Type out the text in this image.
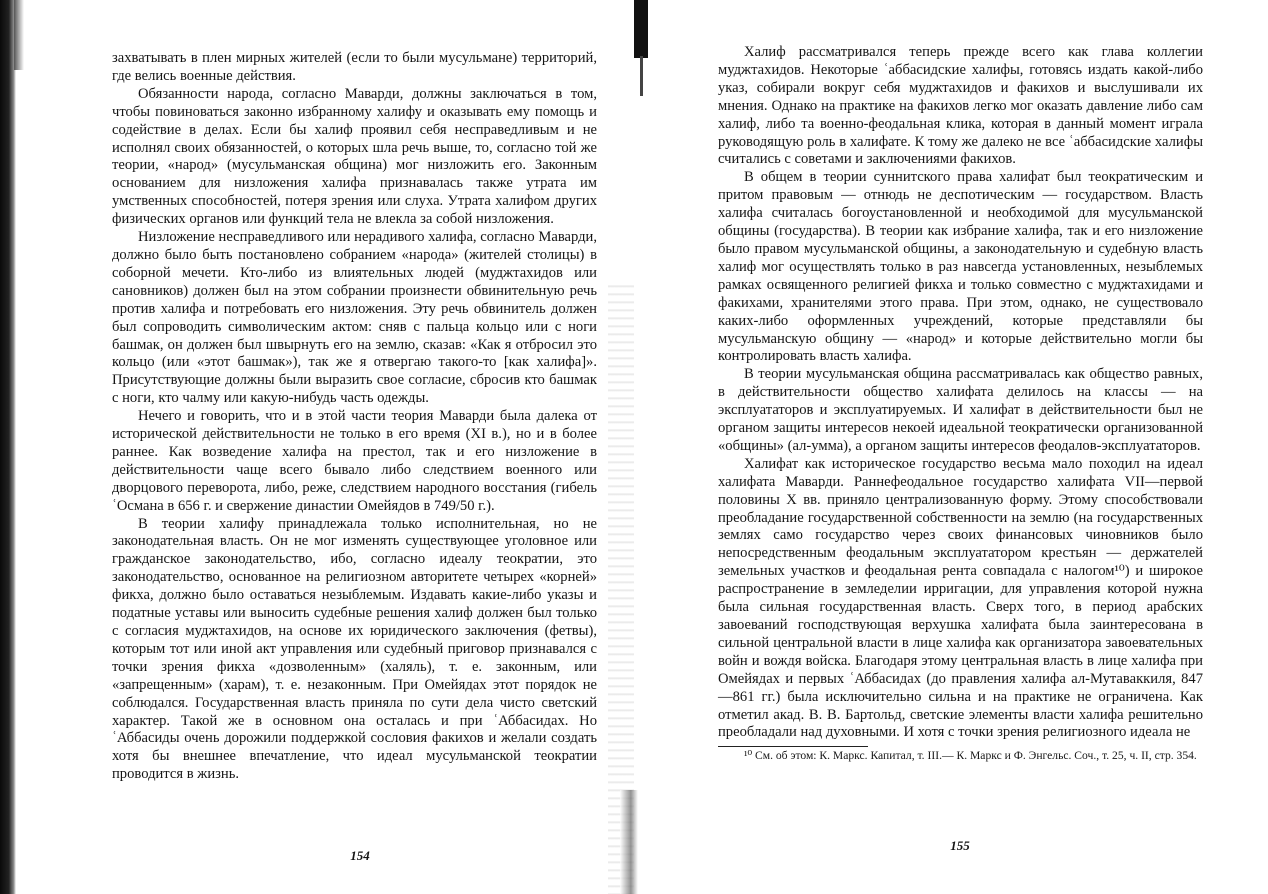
захватывать в плен мирных жителей (если то были мусульмане) территорий, где велись военные действия.

Обязанности народа, согласно Маварди, должны заключаться в том, чтобы повиноваться законно избранному халифу и оказывать ему помощь и содействие в делах. Если бы халиф проявил себя несправедливым и не исполнял своих обязанностей, о которых шла речь выше, то, согласно той же теории, «народ» (мусульманская община) мог низложить его. Законным основанием для низложения халифа признавалась также утрата им умственных способностей, потеря зрения или слуха. Утрата халифом других физических органов или функций тела не влекла за собой низложения.

Низложение несправедливого или нерадивого халифа, согласно Маварди, должно было быть постановлено собранием «народа» (жителей столицы) в соборной мечети. Кто-либо из влиятельных людей (муджтахидов или сановников) должен был на этом собрании произнести обвинительную речь против халифа и потребовать его низложения. Эту речь обвинитель должен был сопроводить символическим актом: сняв с пальца кольцо или с ноги башмак, он должен был швырнуть его на землю, сказав: «Как я отбросил это кольцо (или «этот башмак»), так же я отвергаю такого-то [как халифа]». Присутствующие должны были выразить свое согласие, сбросив кто башмак с ноги, кто чалму или какую-нибудь часть одежды.

Нечего и говорить, что и в этой части теория Маварди была далека от исторической действительности не только в его время (XI в.), но и в более раннее. Как возведение халифа на престол, так и его низложение в действительности чаще всего бывало либо следствием военного или дворцового переворота, либо, реже, следствием народного восстания (гибель ʿОсмана в 656 г. и свержение династии Омейядов в 749/50 г.).

В теории халифу принадлежала только исполнительная, но не законодательная власть. Он не мог изменять существующее уголовное или гражданское законодательство, ибо, согласно идеалу теократии, это законодательство, основанное на религиозном авторитете четырех «корней» фикха, должно было оставаться незыблемым. Издавать какие-либо указы и податные уставы или выносить судебные решения халиф должен был только с согласия муджтахидов, на основе их юридического заключения (фетвы), которым тот или иной акт управления или судебный приговор признавался с точки зрения фикха «дозволенным» (халяль), т. е. законным, или «запрещенным» (харам), т. е. незаконным. При Омейядах этот порядок не соблюдался. Государственная власть приняла по сути дела чисто светский характер. Такой же в основном она осталась и при ʿАббасидах. Но ʿАббасиды очень дорожили поддержкой сословия факихов и желали создать хотя бы внешнее впечатление, что идеал мусульманской теократии проводится в жизнь.

154

Халиф рассматривался теперь прежде всего как глава коллегии муджтахидов. Некоторые ʿаббасидские халифы, готовясь издать какой-либо указ, собирали вокруг себя муджтахидов и факихов и выслушивали их мнения. Однако на практике на факихов легко мог оказать давление либо сам халиф, либо та военно-феодальная клика, которая в данный момент играла руководящую роль в халифате. К тому же далеко не все ʿаббасидские халифы считались с советами и заключениями факихов.

В общем в теории суннитского права халифат был теократическим и притом правовым — отнюдь не деспотическим — государством. Власть халифа считалась богоустановленной и необходимой для мусульманской общины (государства). В теории как избрание халифа, так и его низложение было правом мусульманской общины, а законодательную и судебную власть халиф мог осуществлять только в раз навсегда установленных, незыблемых рамках освященного религией фикха и только совместно с муджтахидами и факихами, хранителями этого права. При этом, однако, не существовало каких-либо оформленных учреждений, которые представляли бы мусульманскую общину — «народ» и которые действительно могли бы контролировать власть халифа.

В теории мусульманская община рассматривалась как общество равных, в действительности общество халифата делилось на классы — на эксплуататоров и эксплуатируемых. И халифат в действительности был не органом защиты интересов некоей идеальной теократически организованной «общины» (ал-умма), а органом защиты интересов феодалов-эксплуататоров.

Халифат как историческое государство весьма мало походил на идеал халифата Маварди. Раннефеодальное государство халифата VII—первой половины X вв. приняло централизованную форму. Этому способствовали преобладание государственной собственности на землю (на государственных землях само государство через своих финансовых чиновников было непосредственным феодальным эксплуататором крестьян — держателей земельных участков и феодальная рента совпадала с налогом¹⁰) и широкое распространение в земледелии ирригации, для управления которой нужна была сильная государственная власть. Сверх того, в период арабских завоеваний господствующая верхушка халифата была заинтересована в сильной центральной власти в лице халифа как организатора завоевательных войн и вождя войска. Благодаря этому центральная власть в лице халифа при Омейядах и первых ʿАббасидах (до правления халифа ал-Мутаваккиля, 847—861 гг.) была исключительно сильна и на практике не ограничена. Как отметил акад. В. В. Бартольд, светские элементы власти халифа решительно преобладали над духовными. И хотя с точки зрения религиозного идеала не

¹⁰ См. об этом: К. Маркс. Капитал, т. III.— К. Маркс и Ф. Энгельс. Соч., т. 25, ч. II, стр. 354.

155
